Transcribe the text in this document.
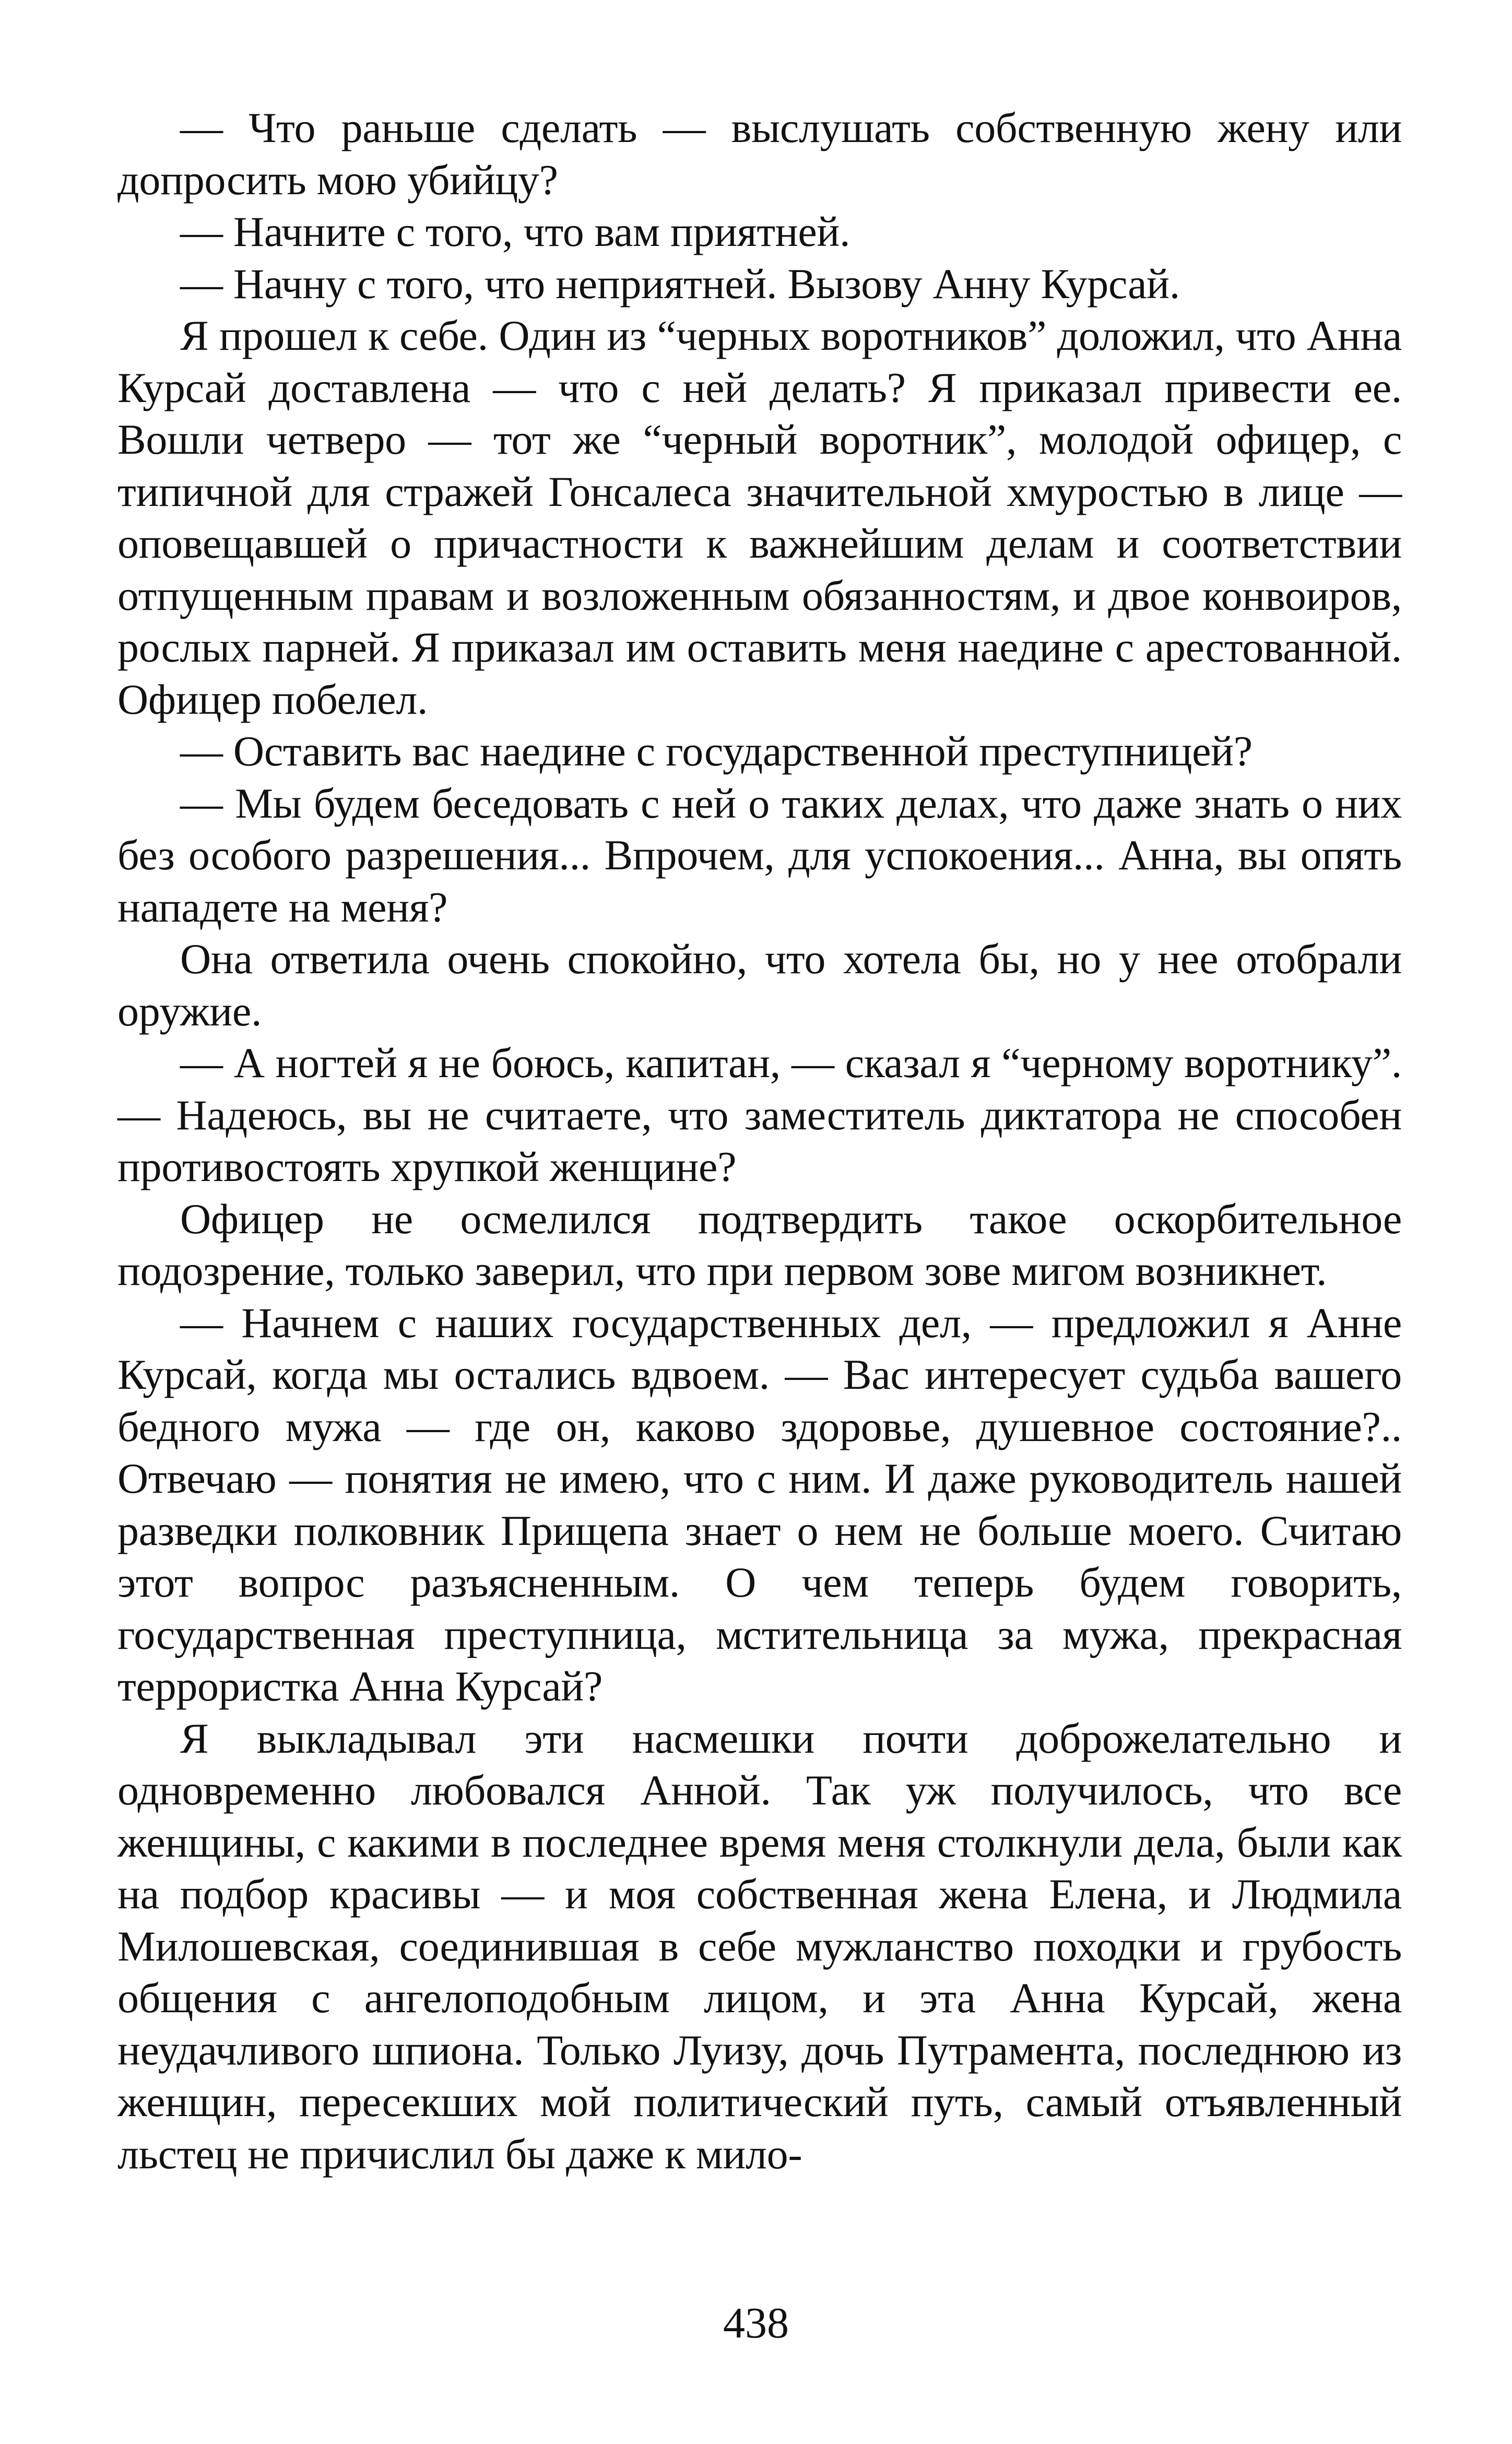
— Что раньше сделать — выслушать собственную жену или допросить мою убийцу?

— Начните с того, что вам приятней.

— Начну с того, что неприятней. Вызову Анну Курсай.

Я прошел к себе. Один из “черных воротников” доложил, что Анна Курсай доставлена — что с ней делать? Я приказал привести ее. Вошли четверо — тот же “черный воротник”, молодой офицер, с типичной для стражей Гонсалеса значительной хмуростью в лице — оповещавшей о причастности к важнейшим делам и соответствии отпущенным правам и возложенным обязанностям, и двое конвоиров, рослых парней. Я приказал им оставить меня наедине с арестованной. Офицер побелел.

— Оставить вас наедине с государственной преступницей?

— Мы будем беседовать с ней о таких делах, что даже знать о них без особого разрешения... Впрочем, для успокоения... Анна, вы опять нападете на меня?

Она ответила очень спокойно, что хотела бы, но у нее отобрали оружие.

— А ногтей я не боюсь, капитан, — сказал я “черному воротнику”. — Надеюсь, вы не считаете, что заместитель диктатора не способен противостоять хрупкой женщине?

Офицер не осмелился подтвердить такое оскорбительное подозрение, только заверил, что при первом зове мигом возникнет.

— Начнем с наших государственных дел, — предложил я Анне Курсай, когда мы остались вдвоем. — Вас интересует судьба вашего бедного мужа — где он, каково здоровье, душевное состояние?.. Отвечаю — понятия не имею, что с ним. И даже руководитель нашей разведки полковник Прищепа знает о нем не больше моего. Считаю этот вопрос разъясненным. О чем теперь будем говорить, государственная преступница, мстительница за мужа, прекрасная террористка Анна Курсай?

Я выкладывал эти насмешки почти доброжелательно и одновременно любовался Анной. Так уж получилось, что все женщины, с какими в последнее время меня столкнули дела, были как на подбор красивы — и моя собственная жена Елена, и Людмила Милошевская, соединившая в себе мужланство походки и грубость общения с ангелоподобным лицом, и эта Анна Курсай, жена неудачливого шпиона. Только Луизу, дочь Путрамента, последнюю из женщин, пересекших мой политический путь, самый отъявленный льстец не причислил бы даже к мило-

438
